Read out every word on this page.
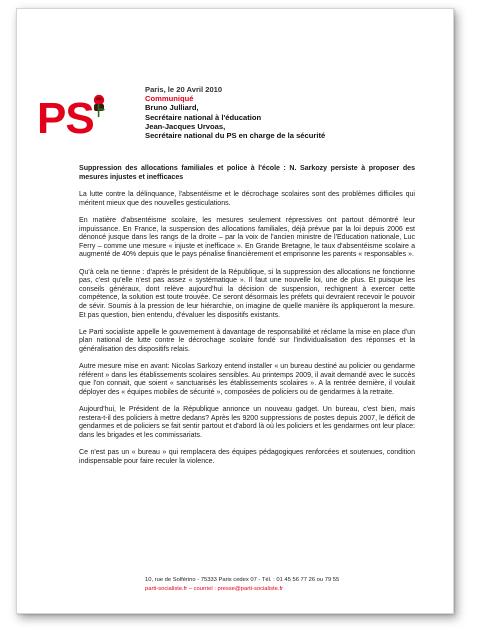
PS
Paris, le 20 Avril 2010
Communiqué
Bruno Julliard,
Secrétaire national à l'éducation
Jean-Jacques Urvoas,
Secrétaire national du PS en charge de la sécurité
Suppression des allocations familiales et police à l'école : N. Sarkozy persiste à proposer des mesures injustes et inefficaces

La lutte contre la délinquance, l'absentéisme et le décrochage scolaires sont des problèmes difficiles qui méritent mieux que des nouvelles gesticulations.

En matière d'absentéisme scolaire, les mesures seulement répressives ont partout démontré leur impuissance. En France, la suspension des allocations familiales, déjà prévue par la loi depuis 2006 est dénoncé jusque dans les rangs de la droite – par la voix de l'ancien ministre de l'Education nationale, Luc Ferry – comme une mesure « injuste et inefficace ». En Grande Bretagne, le taux d'absentéisme scolaire a augmenté de 40% depuis que le pays pénalise financièrement et emprisonne les parents « responsables ».

Qu'à cela ne tienne : d'après le président de la République, si la suppression des allocations ne fonctionne pas, c'est qu'elle n'est pas assez « systématique ». Il faut une nouvelle loi, une de plus. Et puisque les conseils généraux, dont relève aujourd'hui la décision de suspension, rechignent à exercer cette compétence, la solution est toute trouvée. Ce seront désormais les préfets qui devraient recevoir le pouvoir de sévir. Soumis à la pression de leur hiérarchie, on imagine de quelle manière ils appliqueront la mesure. Et pas question, bien entendu, d'évaluer les dispositifs existants.

Le Parti socialiste appelle le gouvernement à davantage de responsabilité et réclame la mise en place d'un plan national de lutte contre le décrochage scolaire fondé sur l'individualisation des réponses et la généralisation des dispositifs relais.

Autre mesure mise en avant: Nicolas Sarkozy entend installer « un bureau destiné au policier ou gendarme référent » dans les établissements scolaires sensibles. Au printemps 2009, il avait demandé avec le succès que l'on connait, que soient « sanctuarisés les établissements scolaires ». A la rentrée dernière, il voulait déployer des « équipes mobiles de sécurité », composées de policiers ou de gendarmes à la retraite.

Aujourd'hui, le Président de la République annonce un nouveau gadget. Un bureau, c'est bien, mais restera-t-il des policiers à mettre dedans? Après les 9200 suppressions de postes depuis 2007, le déficit de gendarmes et de policiers se fait sentir partout et d'abord là où les policiers et les gendarmes ont leur place: dans les brigades et les commissariats.

Ce n'est pas un « bureau » qui remplacera des équipes pédagogiques renforcées et soutenues, condition indispensable pour faire reculer la violence.

10, rue de Solférino - 75333 Paris cedex 07 - Tél. : 01 45 56 77 26 ou 79 55
parti-socialiste.fr – courriel : presse@parti-socialiste.fr
